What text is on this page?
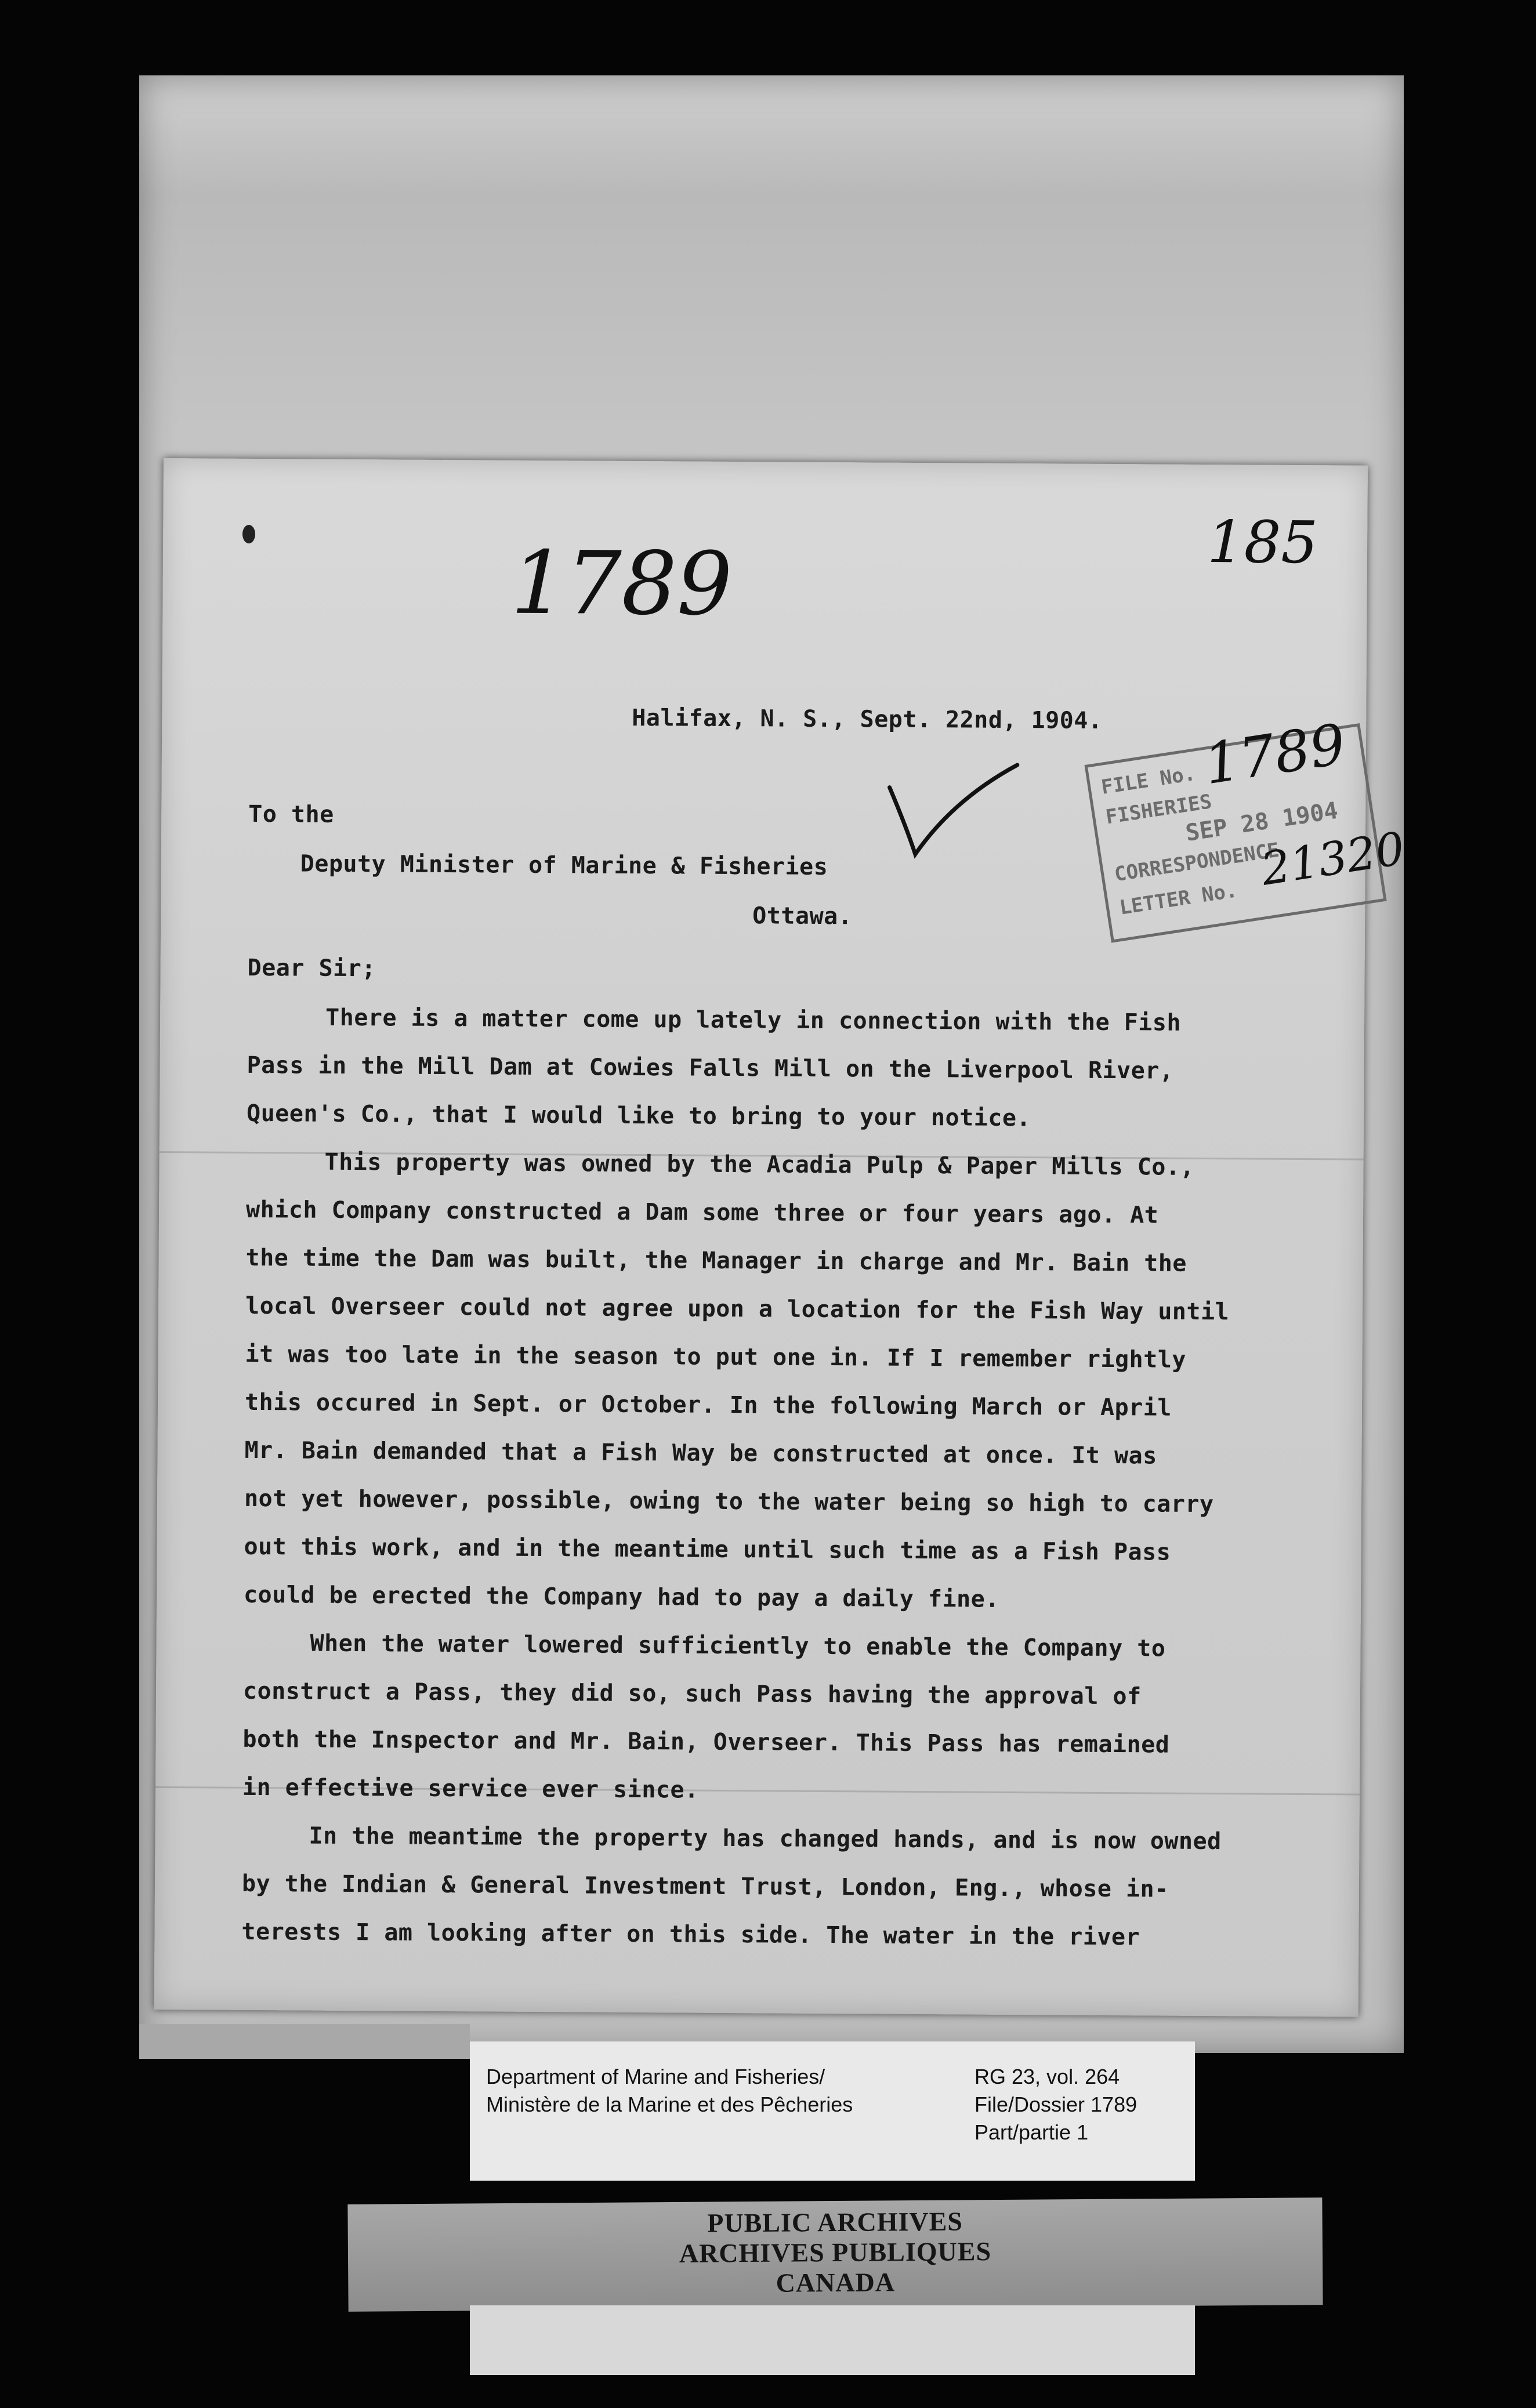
1789	185
Halifax, N. S., Sept. 22nd, 1904.
To the
Deputy Minister of Marine & Fisheries
Ottawa.
Dear Sir;
There is a matter come up lately in connection with the Fish
Pass in the Mill Dam at Cowies Falls Mill on the Liverpool River,
Queen's Co., that I would like to bring to your notice.
This property was owned by the Acadia Pulp & Paper Mills Co.,
which Company constructed a Dam some three or four years ago. At
the time the Dam was built, the Manager in charge and Mr. Bain the
local Overseer could not agree upon a location for the Fish Way until
it was too late in the season to put one in. If I remember rightly
this occured in Sept. or October. In the following March or April
Mr. Bain demanded that a Fish Way be constructed at once. It was
not yet however, possible, owing to the water being so high to carry
out this work, and in the meantime until such time as a Fish Pass
could be erected the Company had to pay a daily fine.
When the water lowered sufficiently to enable the Company to
construct a Pass, they did so, such Pass having the approval of
both the Inspector and Mr. Bain, Overseer. This Pass has remained
in effective service ever since.
In the meantime the property has changed hands, and is now owned
by the Indian & General Investment Trust, London, Eng., whose in-
terests I am looking after on this side. The water in the river
FILE No. 1789
FISHERIES
SEP 28 1904
CORRESPONDENCE
LETTER No.
21320
Department of Marine and Fisheries/
Ministère de la Marine et des Pêcheries
RG 23, vol. 264
File/Dossier 1789
Part/partie 1
PUBLIC ARCHIVES
ARCHIVES PUBLIQUES
CANADA
